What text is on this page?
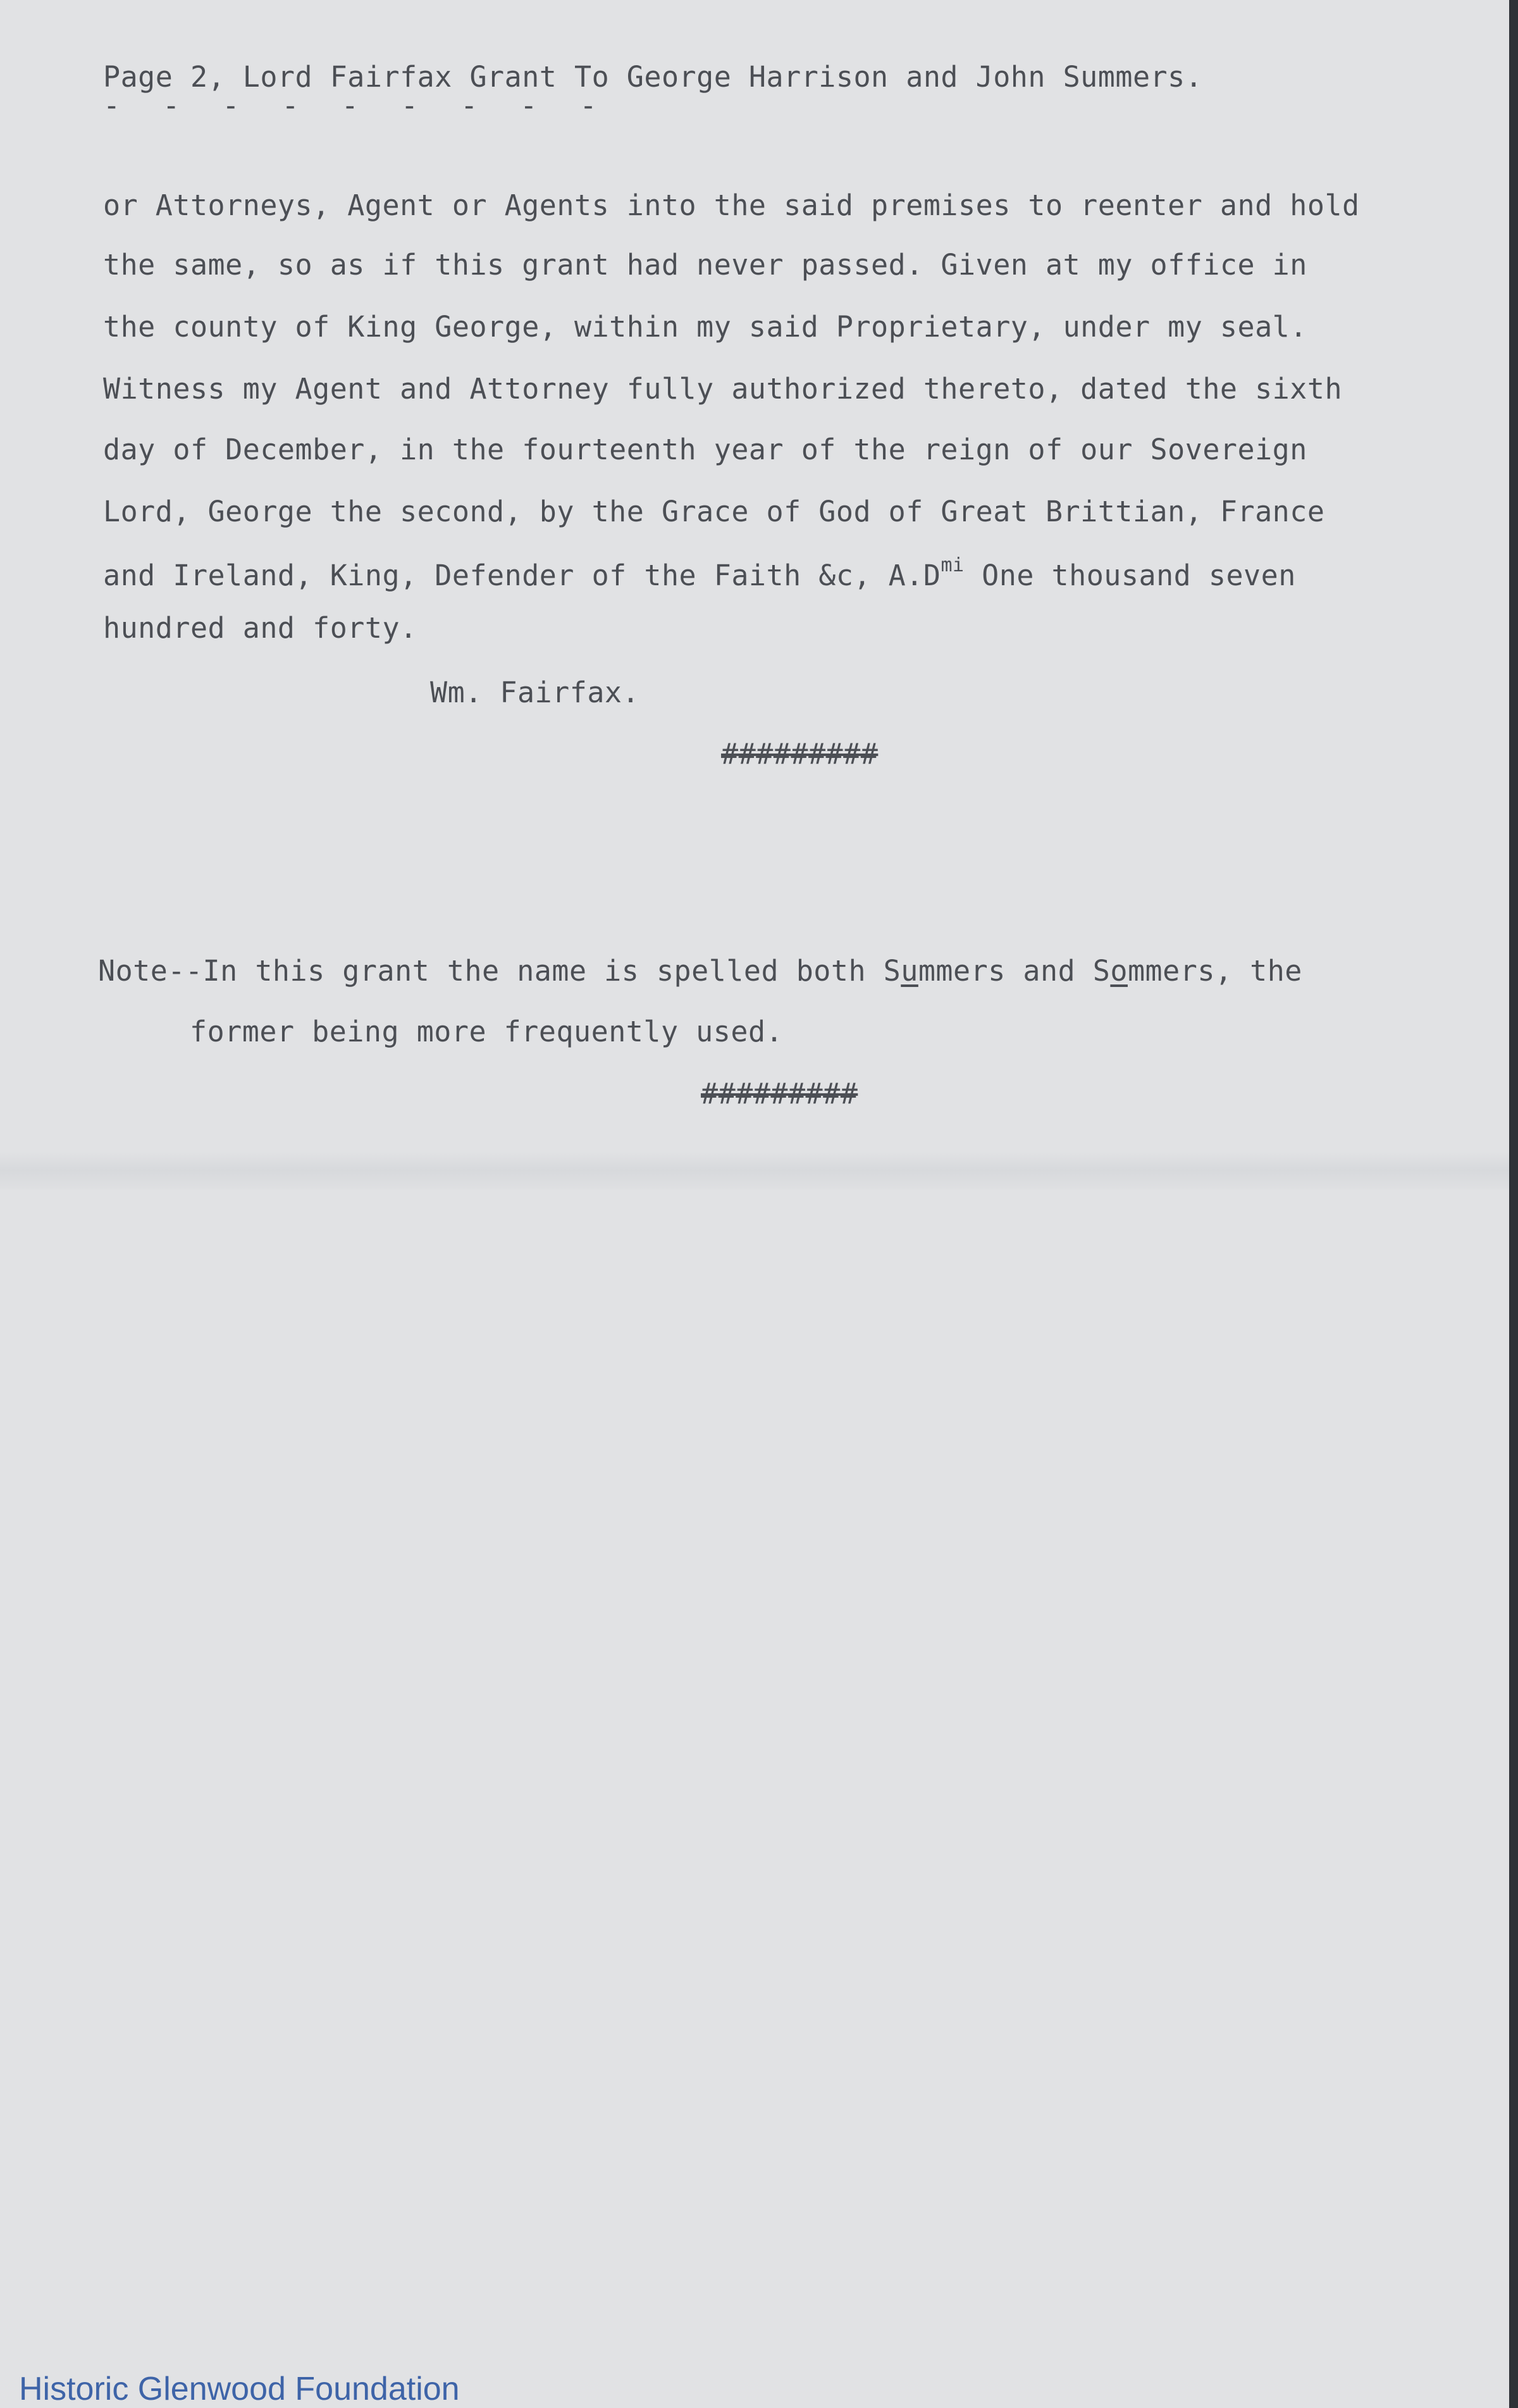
Page 2, Lord Fairfax Grant To George Harrison and John Summers.
- - - - - - - - -
or Attorneys, Agent or Agents into the said premises to reenter and hold
the same, so as if this grant had never passed. Given at my office in
the county of King George, within my said Proprietary, under my seal.
Witness my Agent and Attorney fully authorized thereto, dated the sixth
day of December, in the fourteenth year of the reign of our Sovereign
Lord, George the second, by the Grace of God of Great Brittian, France
and Ireland, King, Defender of the Faith &c, $A.D^{mi}$ One thousand seven
hundred and forty.
Wm. Fairfax.
#########
Note--In this grant the name is spelled both Summers and Sommers, the
former being more frequently used.
#########
Historic Glenwood Foundation
